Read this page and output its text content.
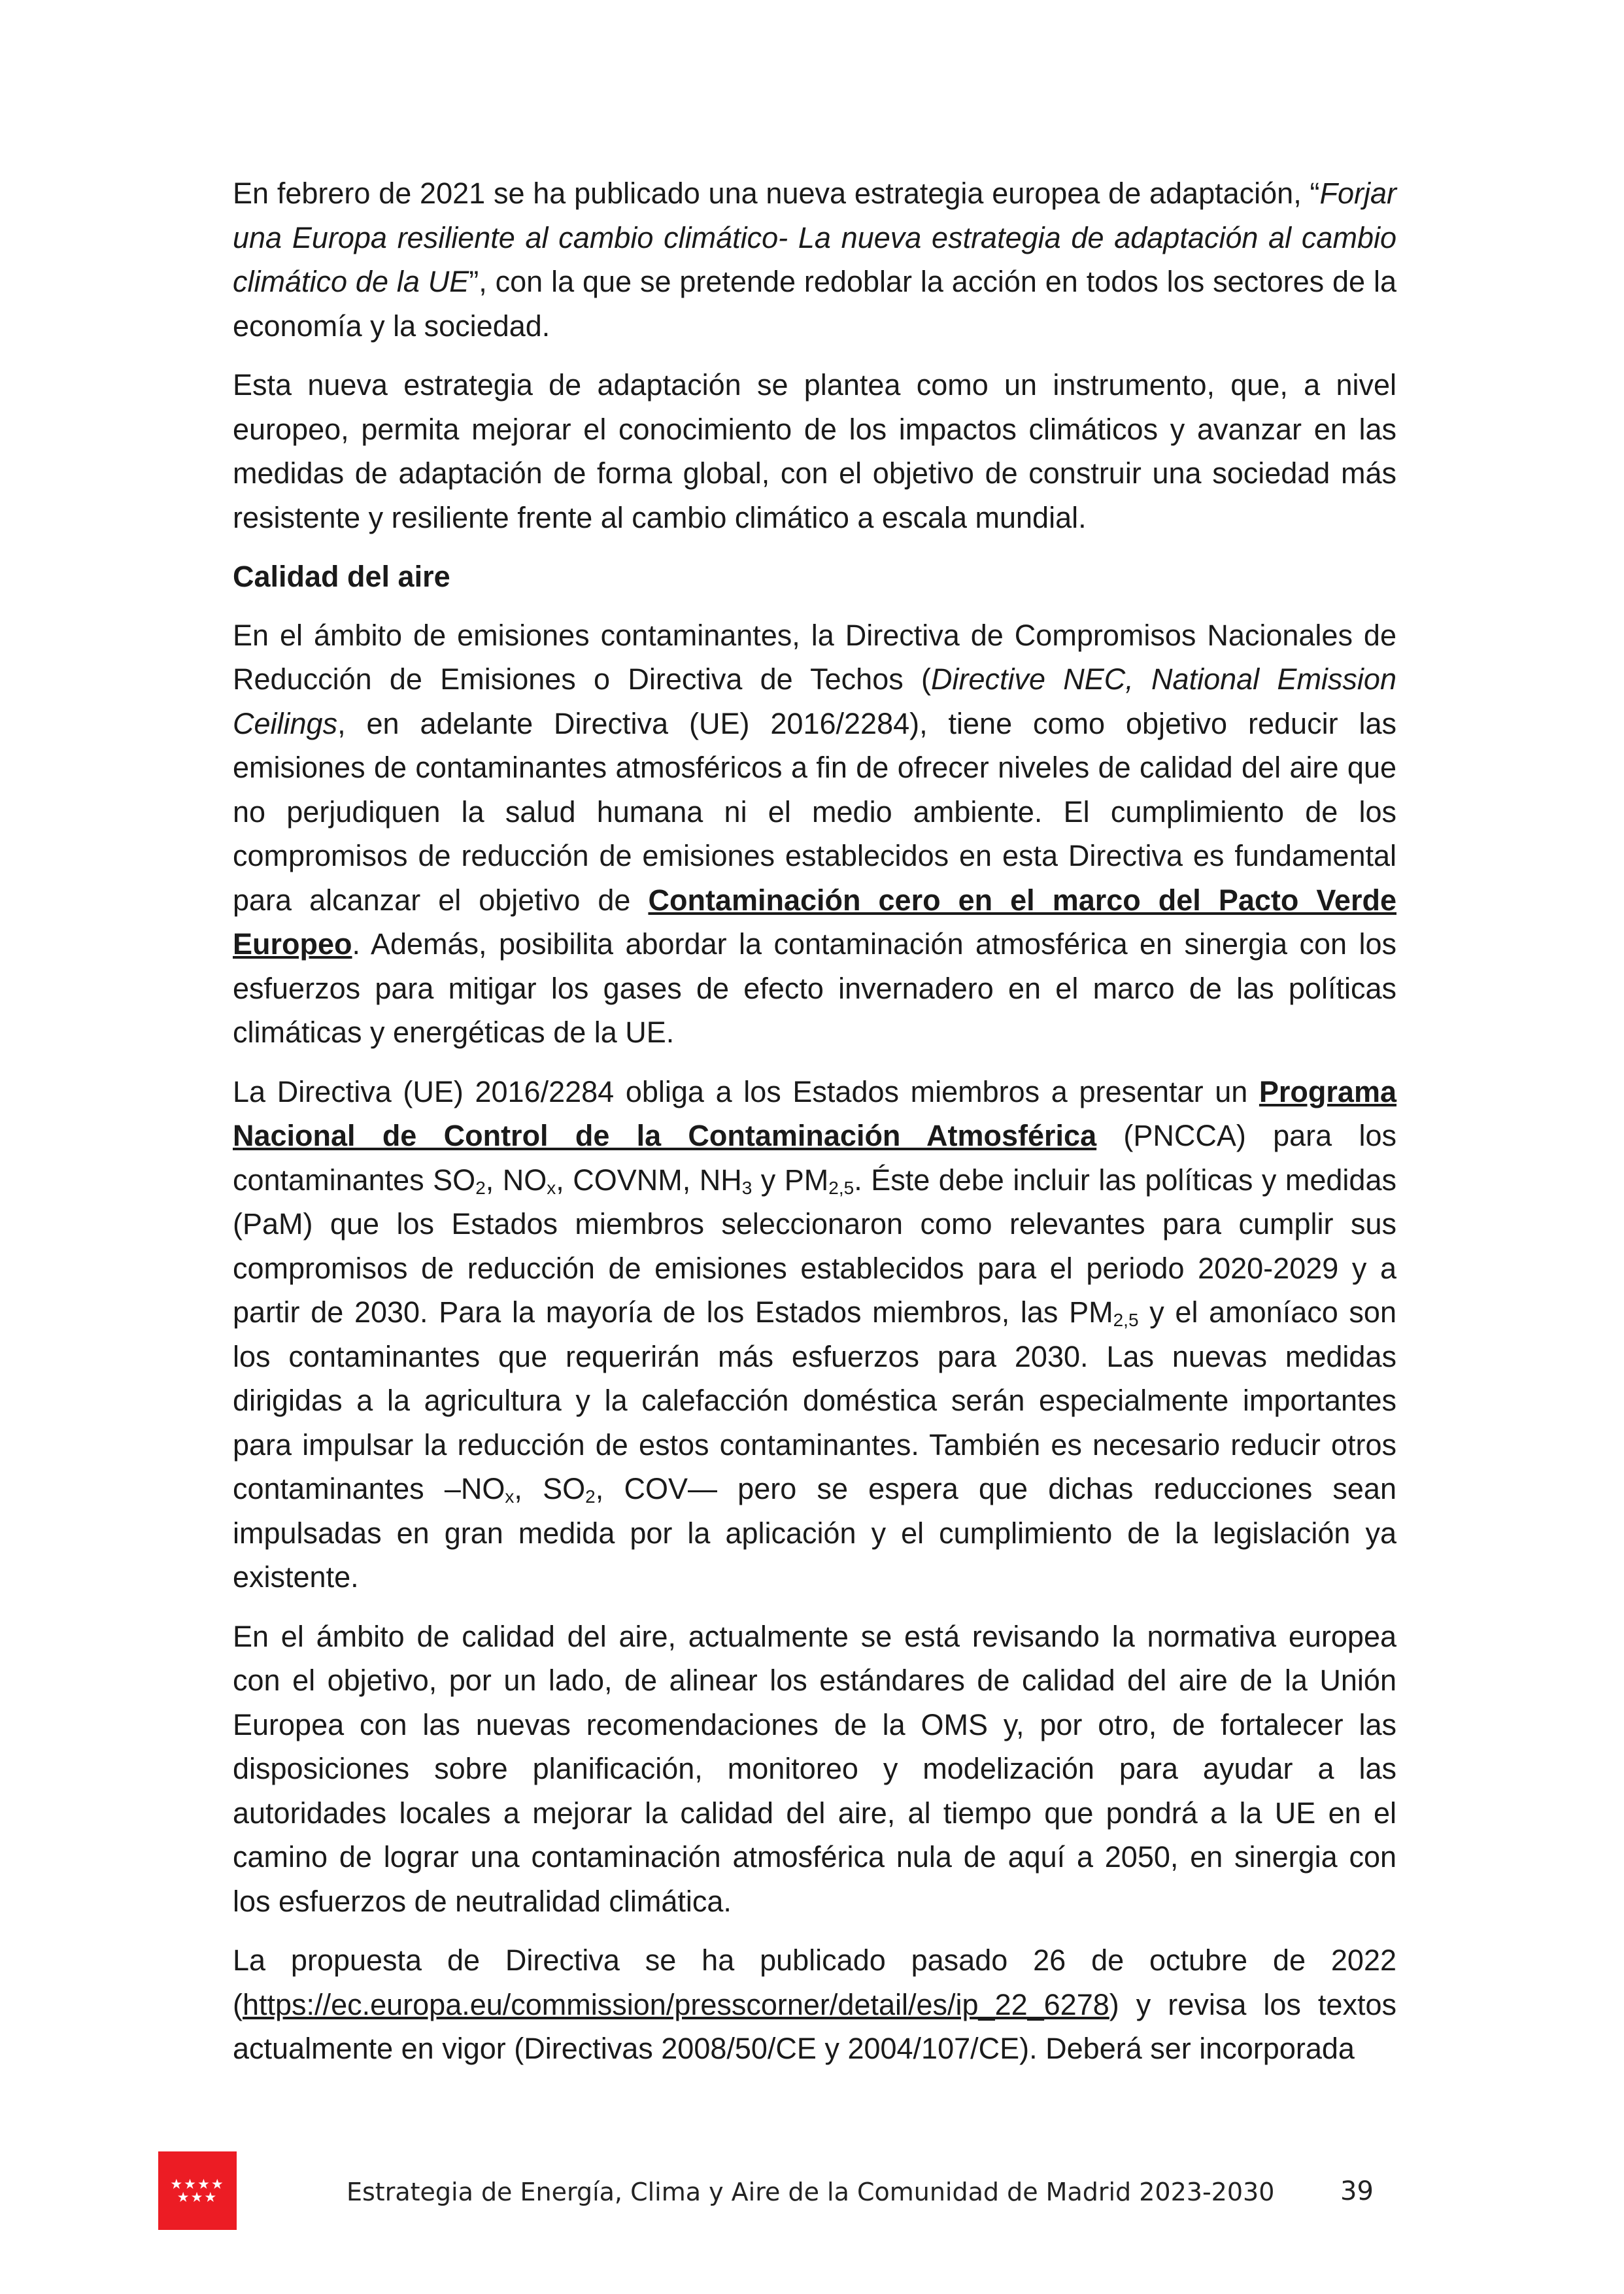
En febrero de 2021 se ha publicado una nueva estrategia europea de adaptación, “Forjar una Europa resiliente al cambio climático- La nueva estrategia de adaptación al cambio climático de la UE”, con la que se pretende redoblar la acción en todos los sectores de la economía y la sociedad.

Esta nueva estrategia de adaptación se plantea como un instrumento, que, a nivel europeo, permita mejorar el conocimiento de los impactos climáticos y avanzar en las medidas de adaptación de forma global, con el objetivo de construir una sociedad más resistente y resiliente frente al cambio climático a escala mundial.

Calidad del aire

En el ámbito de emisiones contaminantes, la Directiva de Compromisos Nacionales de Reducción de Emisiones o Directiva de Techos (Directive NEC, National Emission Ceilings, en adelante Directiva (UE) 2016/2284), tiene como objetivo reducir las emisiones de contaminantes atmosféricos a fin de ofrecer niveles de calidad del aire que no perjudiquen la salud humana ni el medio ambiente. El cumplimiento de los compromisos de reducción de emisiones establecidos en esta Directiva es fundamental para alcanzar el objetivo de Contaminación cero en el marco del Pacto Verde Europeo. Además, posibilita abordar la contaminación atmosférica en sinergia con los esfuerzos para mitigar los gases de efecto invernadero en el marco de las políticas climáticas y energéticas de la UE.

La Directiva (UE) 2016/2284 obliga a los Estados miembros a presentar un Programa Nacional de Control de la Contaminación Atmosférica (PNCCA) para los contaminantes $SO_2$, $NO_x$, COVNM, $NH_3$ y $PM_{2,5}$. Éste debe incluir las políticas y medidas (PaM) que los Estados miembros seleccionaron como relevantes para cumplir sus compromisos de reducción de emisiones establecidos para el periodo 2020-2029 y a partir de 2030. Para la mayoría de los Estados miembros, las $PM_{2,5}$ y el amoníaco son los contaminantes que requerirán más esfuerzos para 2030. Las nuevas medidas dirigidas a la agricultura y la calefacción doméstica serán especialmente importantes para impulsar la reducción de estos contaminantes. También es necesario reducir otros contaminantes $-NO_x$, $SO_2$, COV— pero se espera que dichas reducciones sean impulsadas en gran medida por la aplicación y el cumplimiento de la legislación ya existente.

En el ámbito de calidad del aire, actualmente se está revisando la normativa europea con el objetivo, por un lado, de alinear los estándares de calidad del aire de la Unión Europea con las nuevas recomendaciones de la OMS y, por otro, de fortalecer las disposiciones sobre planificación, monitoreo y modelización para ayudar a las autoridades locales a mejorar la calidad del aire, al tiempo que pondrá a la UE en el camino de lograr una contaminación atmosférica nula de aquí a 2050, en sinergia con los esfuerzos de neutralidad climática.

La propuesta de Directiva se ha publicado pasado 26 de octubre de 2022 (https://ec.europa.eu/commission/presscorner/detail/es/ip_22_6278) y revisa los textos actualmente en vigor (Directivas 2008/50/CE y 2004/107/CE). Deberá ser incorporada

★★★★
★★★	Estrategia de Energía, Clima y Aire de la Comunidad de Madrid 2023-2030	39
